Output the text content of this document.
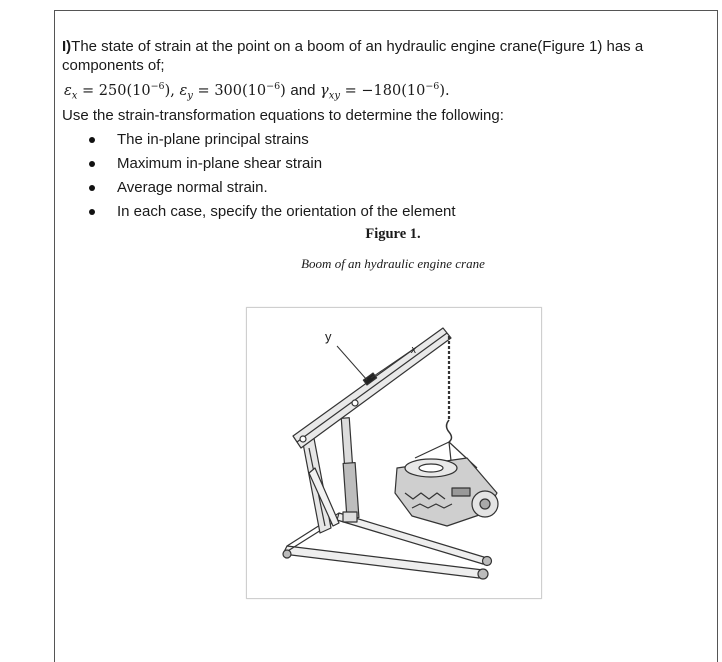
I)The state of strain at the point on a boom of an hydraulic engine crane(Figure 1) has a components of;

$\varepsilon_x = 250(10^{-6})$, $\varepsilon_y = 300(10^{-6})$ and $\gamma_{xy} = -180(10^{-6})$.

Use the strain-transformation equations to determine the following:

The in-plane principal strains
Maximum in-plane shear strain
Average normal strain.
In each case, specify the orientation of the element
Figure 1.
Boom of an hydraulic engine crane
y
x
